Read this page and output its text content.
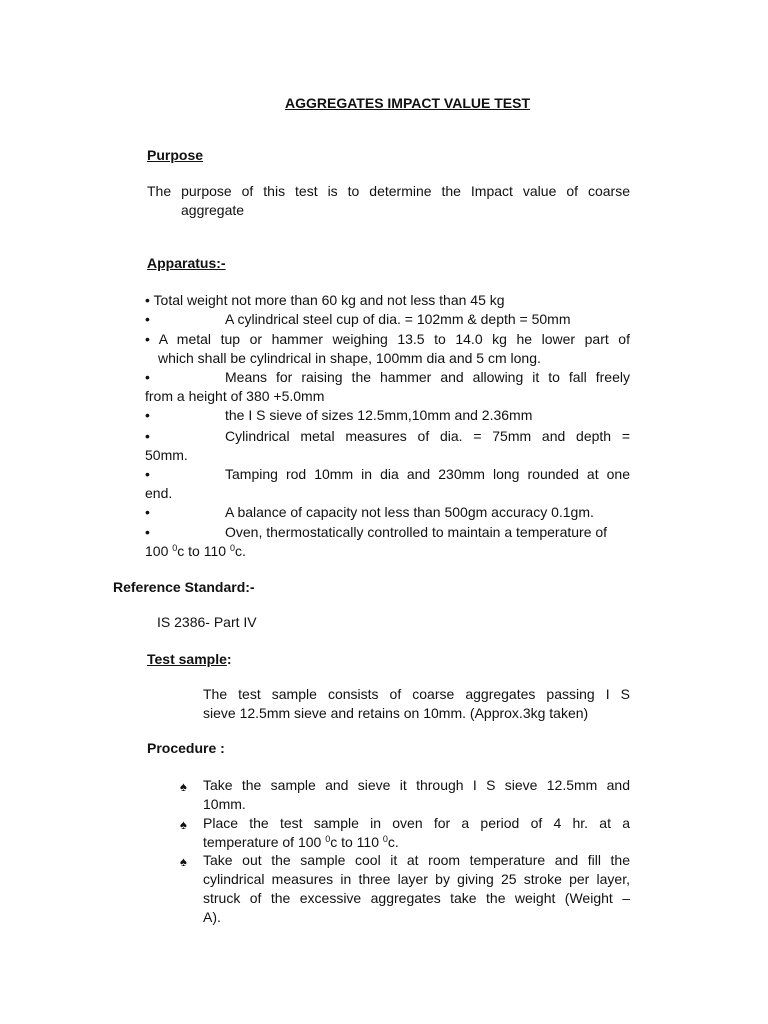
AGGREGATES IMPACT VALUE TEST
Purpose
The purpose of this test is to determine the Impact value of coarse
aggregate
Apparatus:-
• Total weight not more than 60 kg and not less than 45 kg
•	A cylindrical steel cup of dia. = 102mm & depth = 50mm
• A metal tup or hammer weighing 13.5 to 14.0 kg he lower part of
which shall be cylindrical in shape, 100mm dia and 5 cm long.
•	Means for raising the hammer and allowing it to fall freely
from a height of 380 +5.0mm
•	the I S sieve of sizes 12.5mm,10mm and 2.36mm
•	Cylindrical metal measures of dia. = 75mm and depth =
50mm.
•	Tamping rod 10mm in dia and 230mm long rounded at one
end.
•	A balance of capacity not less than 500gm accuracy 0.1gm.
•	Oven, thermostatically controlled to maintain a temperature of
100 $^0$c to 110 $^0$c.
Reference Standard:-
IS 2386- Part IV
Test sample:
The test sample consists of coarse aggregates passing I S
sieve 12.5mm sieve and retains on 10mm. (Approx.3kg taken)
Procedure :
♠ Take the sample and sieve it through I S sieve 12.5mm and
10mm.
♠ Place the test sample in oven for a period of 4 hr. at a
temperature of 100 $^0$c to 110 $^0$c.
♠ Take out the sample cool it at room temperature and fill the
cylindrical measures in three layer by giving 25 stroke per layer,
struck of the excessive aggregates take the weight (Weight –
A).
